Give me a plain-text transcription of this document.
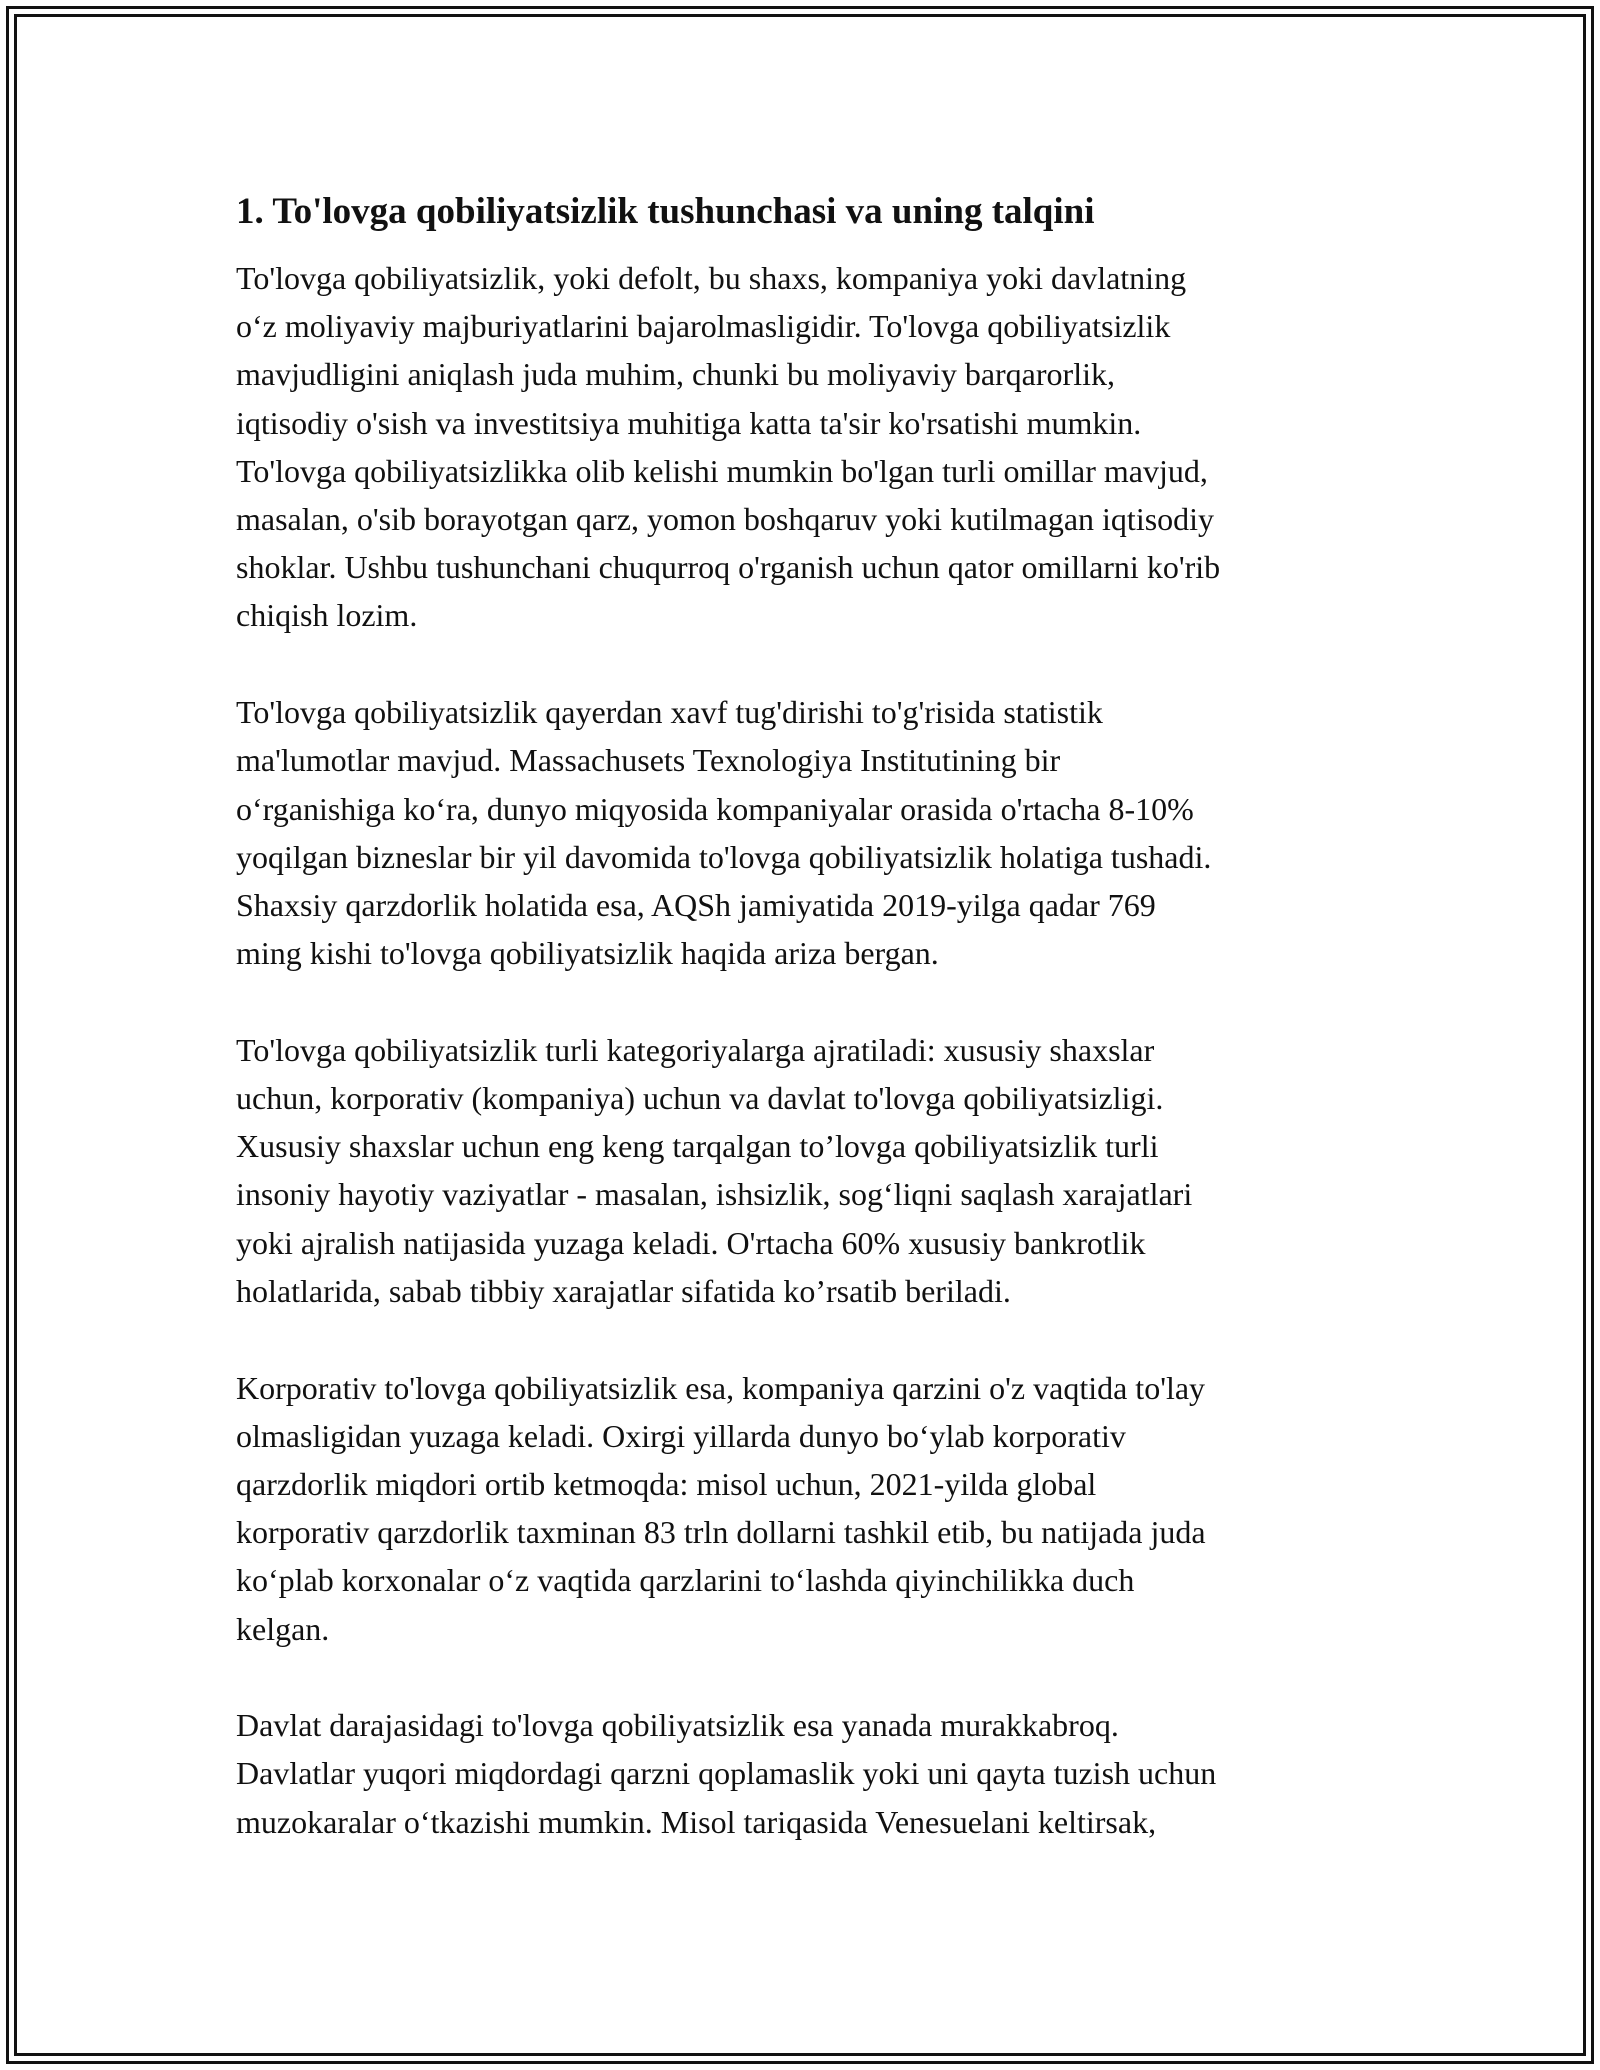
1. To'lovga qobiliyatsizlik tushunchasi va uning talqini

To'lovga qobiliyatsizlik, yoki defolt, bu shaxs, kompaniya yoki davlatning
o‘z moliyaviy majburiyatlarini bajarolmasligidir. To'lovga qobiliyatsizlik
mavjudligini aniqlash juda muhim, chunki bu moliyaviy barqarorlik,
iqtisodiy o'sish va investitsiya muhitiga katta ta'sir ko'rsatishi mumkin.
To'lovga qobiliyatsizlikka olib kelishi mumkin bo'lgan turli omillar mavjud,
masalan, o'sib borayotgan qarz, yomon boshqaruv yoki kutilmagan iqtisodiy
shoklar. Ushbu tushunchani chuqurroq o'rganish uchun qator omillarni ko'rib
chiqish lozim.

To'lovga qobiliyatsizlik qayerdan xavf tug'dirishi to'g'risida statistik
ma'lumotlar mavjud. Massachusets Texnologiya Institutining bir
o‘rganishiga ko‘ra, dunyo miqyosida kompaniyalar orasida o'rtacha 8-10%
yoqilgan bizneslar bir yil davomida to'lovga qobiliyatsizlik holatiga tushadi.
Shaxsiy qarzdorlik holatida esa, AQSh jamiyatida 2019-yilga qadar 769
ming kishi to'lovga qobiliyatsizlik haqida ariza bergan.

To'lovga qobiliyatsizlik turli kategoriyalarga ajratiladi: xususiy shaxslar
uchun, korporativ (kompaniya) uchun va davlat to'lovga qobiliyatsizligi.
Xususiy shaxslar uchun eng keng tarqalgan to’lovga qobiliyatsizlik turli
insoniy hayotiy vaziyatlar - masalan, ishsizlik, sog‘liqni saqlash xarajatlari
yoki ajralish natijasida yuzaga keladi. O'rtacha 60% xususiy bankrotlik
holatlarida, sabab tibbiy xarajatlar sifatida ko’rsatib beriladi.

Korporativ to'lovga qobiliyatsizlik esa, kompaniya qarzini o'z vaqtida to'lay
olmasligidan yuzaga keladi. Oxirgi yillarda dunyo bo‘ylab korporativ
qarzdorlik miqdori ortib ketmoqda: misol uchun, 2021-yilda global
korporativ qarzdorlik taxminan 83 trln dollarni tashkil etib, bu natijada juda
ko‘plab korxonalar o‘z vaqtida qarzlarini to‘lashda qiyinchilikka duch
kelgan.

Davlat darajasidagi to'lovga qobiliyatsizlik esa yanada murakkabroq.
Davlatlar yuqori miqdordagi qarzni qoplamaslik yoki uni qayta tuzish uchun
muzokaralar o‘tkazishi mumkin. Misol tariqasida Venesuelani keltirsak,
